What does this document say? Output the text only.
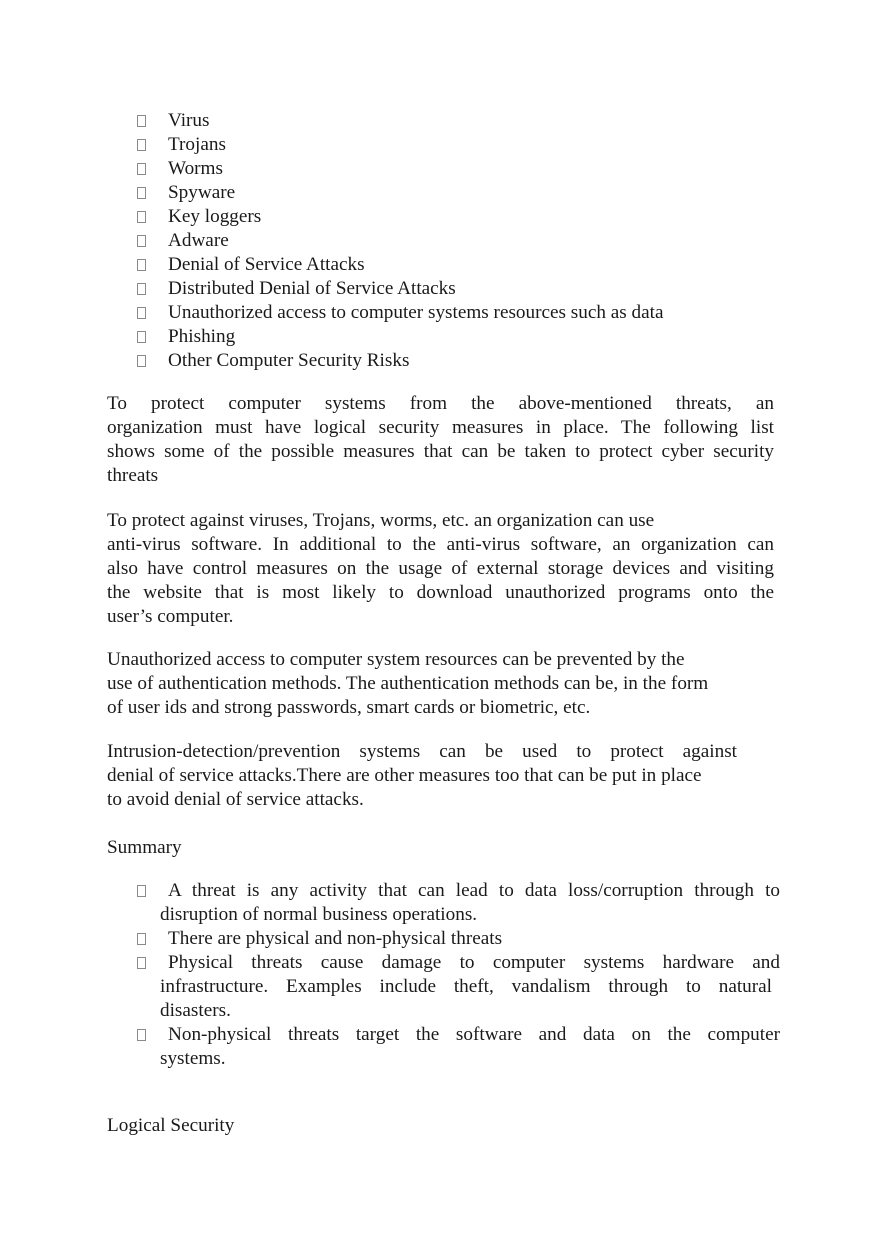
Virus
Trojans
Worms
Spyware
Key loggers
Adware
Denial of Service Attacks
Distributed Denial of Service Attacks
Unauthorized access to computer systems resources such as data
Phishing
Other Computer Security Risks
To protect computer systems from the above-mentioned threats, an
organization must have logical security measures in place. The following list
shows some of the possible measures that can be taken to protect cyber security
threats
To protect against viruses, Trojans, worms, etc. an organization can use
anti-virus software. In additional to the anti-virus software, an organization can
also have control measures on the usage of external storage devices and visiting
the website that is most likely to download unauthorized programs onto the
user’s computer.
Unauthorized access to computer system resources can be prevented by the
use of authentication methods. The authentication methods can be, in the form
of user ids and strong passwords, smart cards or biometric, etc.
Intrusion-detection/prevention systems can be used to protect against
denial of service attacks.There are other measures too that can be put in place
to avoid denial of service attacks.
Summary
A threat is any activity that can lead to data loss/corruption through to
disruption of normal business operations.
There are physical and non-physical threats
Physical threats cause damage to computer systems hardware and
infrastructure. Examples include theft, vandalism through to natural
disasters.
Non-physical threats target the software and data on the computer
systems.
Logical Security
